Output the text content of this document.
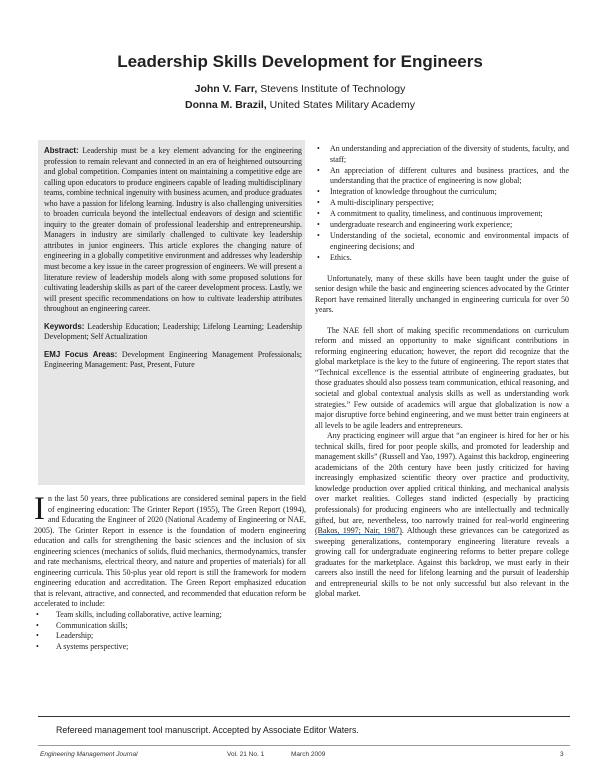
Leadership Skills Development for Engineers
John V. Farr, Stevens Institute of Technology
Donna M. Brazil, United States Military Academy

Abstract: Leadership must be a key element advancing for the engineering profession to remain relevant and connected in an era of heightened outsourcing and global competition. Companies intent on maintaining a competitive edge are calling upon educators to produce engineers capable of leading multidisciplinary teams, combine technical ingenuity with business acumen, and produce graduates who have a passion for lifelong learning. Industry is also challenging universities to broaden curricula beyond the intellectual endeavors of design and scientific inquiry to the greater domain of professional leadership and entrepreneurship. Managers in industry are similarly challenged to cultivate key leadership attributes in junior engineers. This article explores the changing nature of engineering in a globally competitive environment and addresses why leadership must become a key issue in the career progression of engineers. We will present a literature review of leadership models along with some proposed solutions for cultivating leadership skills as part of the career development process. Lastly, we will present specific recommendations on how to cultivate leadership attributes throughout an engineering career.

Keywords: Leadership Education; Leadership; Lifelong Learning; Leadership Development; Self Actualization

EMJ Focus Areas: Development Engineering Management Professionals; Engineering Management: Past, Present, Future

In the last 50 years, three publications are considered seminal papers in the field of engineering education: The Grinter Report (1955), The Green Report (1994), and Educating the Engineer of 2020 (National Academy of Engineering or NAE, 2005). The Grinter Report in essence is the foundation of modern engineering education and calls for strengthening the basic sciences and the inclusion of six engineering sciences (mechanics of solids, fluid mechanics, thermodynamics, transfer and rate mechanisms, electrical theory, and nature and properties of materials) for all engineering curricula. This 50-plus year old report is still the framework for modern engineering education and accreditation. The Green Report emphasized education that is relevant, attractive, and connected, and recommended that education reform be accelerated to include:

• Team skills, including collaborative, active learning;
• Communication skills;
• Leadership;
• A systems perspective;
• An understanding and appreciation of the diversity of students, faculty, and staff;
• An appreciation of different cultures and business practices, and the understanding that the practice of engineering is now global;
• Integration of knowledge throughout the curriculum;
• A multi-disciplinary perspective;
• A commitment to quality, timeliness, and continuous improvement;
• undergraduate research and engineering work experience;
• Understanding of the societal, economic and environmental impacts of engineering decisions; and
• Ethics.

Unfortunately, many of these skills have been taught under the guise of senior design while the basic and engineering sciences advocated by the Grinter Report have remained literally unchanged in engineering curricula for over 50 years.

The NAE fell short of making specific recommendations on curriculum reform and missed an opportunity to make significant contributions in reforming engineering education; however, the report did recognize that the global marketplace is the key to the future of engineering. The report states that “Technical excellence is the essential attribute of engineering graduates, but those graduates should also possess team communication, ethical reasoning, and societal and global contextual analysis skills as well as understanding work strategies.” Few outside of academics will argue that globalization is now a major disruptive force behind engineering, and we must better train engineers at all levels to be agile leaders and entrepreneurs.

Any practicing engineer will argue that “an engineer is hired for her or his technical skills, fired for poor people skills, and promoted for leadership and management skills” (Russell and Yao, 1997). Against this backdrop, engineering academicians of the 20th century have been justly criticized for having increasingly emphasized scientific theory over practice and productivity, knowledge production over applied critical thinking, and mechanical analysis over market realities. Colleges stand indicted (especially by practicing professionals) for producing engineers who are intellectually and technically gifted, but are, nevertheless, too narrowly trained for real-world engineering (Bakos, 1997; Nair, 1987). Although these grievances can be categorized as sweeping generalizations, contemporary engineering literature reveals a growing call for undergraduate engineering reforms to better prepare college graduates for the marketplace. Against this backdrop, we must early in their careers also instill the need for lifelong learning and the pursuit of leadership and entrepreneurial skills to be not only successful but also relevant in the global market.

Refereed management tool manuscript. Accepted by Associate Editor Waters.
Engineering Management Journal	Vol. 21 No. 1	March 2009	3
